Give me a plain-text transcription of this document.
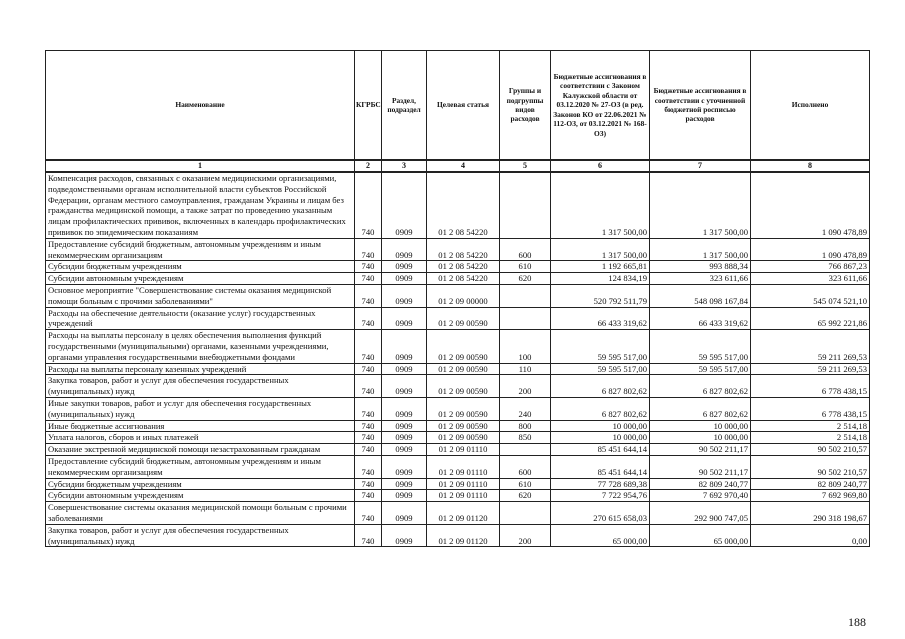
Наименование	КГРБС	Раздел, подраздел	Целевая статья	Группы и подгруппы видов расходов	Бюджетные ассигнования в соответствии с Законом Калужской области от 03.12.2020 № 27-ОЗ (в ред. Законов КО от 22.06.2021 № 112-ОЗ, от 03.12.2021 № 168-ОЗ)	Бюджетные ассигнования в соответствии с уточненной бюджетной росписью расходов	Исполнено
1	2	3	4	5	6	7	8
Компенсация расходов, связанных с оказанием медицинскими организациями, подведомственными органам исполнительной власти субъектов Российской Федерации, органам местного самоуправления, гражданам Украины и лицам без гражданства медицинской помощи, а также затрат по проведению указанным лицам профилактических прививок, включенных в календарь профилактических прививок по эпидемическим показаниям	740	0909	01 2 08 54220		1 317 500,00	1 317 500,00	1 090 478,89
Предоставление субсидий бюджетным, автономным учреждениям и иным некоммерческим организациям	740	0909	01 2 08 54220	600	1 317 500,00	1 317 500,00	1 090 478,89
Субсидии бюджетным учреждениям	740	0909	01 2 08 54220	610	1 192 665,81	993 888,34	766 867,23
Субсидии автономным учреждениям	740	0909	01 2 08 54220	620	124 834,19	323 611,66	323 611,66
Основное мероприятие "Совершенствование системы оказания медицинской помощи больным с прочими заболеваниями"	740	0909	01 2 09 00000		520 792 511,79	548 098 167,84	545 074 521,10
Расходы на обеспечение деятельности (оказание услуг) государственных учреждений	740	0909	01 2 09 00590		66 433 319,62	66 433 319,62	65 992 221,86
Расходы на выплаты персоналу в целях обеспечения выполнения функций государственными (муниципальными) органами, казенными учреждениями, органами управления государственными внебюджетными фондами	740	0909	01 2 09 00590	100	59 595 517,00	59 595 517,00	59 211 269,53
Расходы на выплаты персоналу казенных учреждений	740	0909	01 2 09 00590	110	59 595 517,00	59 595 517,00	59 211 269,53
Закупка товаров, работ и услуг для обеспечения государственных (муниципальных) нужд	740	0909	01 2 09 00590	200	6 827 802,62	6 827 802,62	6 778 438,15
Иные закупки товаров, работ и услуг для обеспечения государственных (муниципальных) нужд	740	0909	01 2 09 00590	240	6 827 802,62	6 827 802,62	6 778 438,15
Иные бюджетные ассигнования	740	0909	01 2 09 00590	800	10 000,00	10 000,00	2 514,18
Уплата налогов, сборов и иных платежей	740	0909	01 2 09 00590	850	10 000,00	10 000,00	2 514,18
Оказание экстренной медицинской помощи незастрахованным гражданам	740	0909	01 2 09 01110		85 451 644,14	90 502 211,17	90 502 210,57
Предоставление субсидий бюджетным, автономным учреждениям и иным некоммерческим организациям	740	0909	01 2 09 01110	600	85 451 644,14	90 502 211,17	90 502 210,57
Субсидии бюджетным учреждениям	740	0909	01 2 09 01110	610	77 728 689,38	82 809 240,77	82 809 240,77
Субсидии автономным учреждениям	740	0909	01 2 09 01110	620	7 722 954,76	7 692 970,40	7 692 969,80
Совершенствование системы оказания медицинской помощи больным с прочими заболеваниями	740	0909	01 2 09 01120		270 615 658,03	292 900 747,05	290 318 198,67
Закупка товаров, работ и услуг для обеспечения государственных (муниципальных) нужд	740	0909	01 2 09 01120	200	65 000,00	65 000,00	0,00
188
